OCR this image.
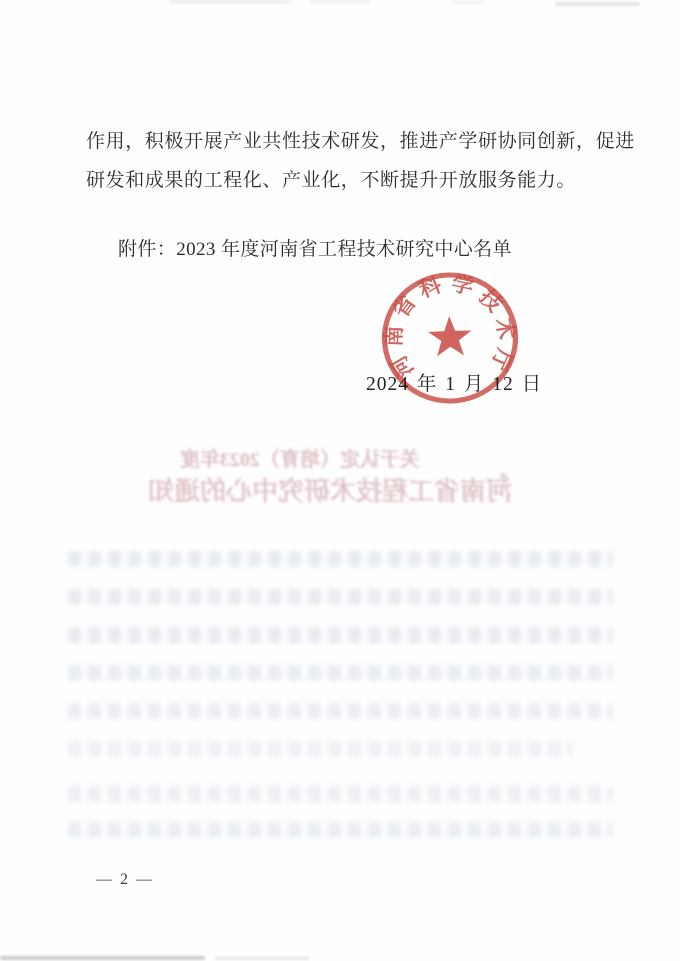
作用，积极开展产业共性技术研发，推进产学研协同创新，促进
研发和成果的工程化、产业化，不断提升开放服务能力。
附件：2023 年度河南省工程技术研究中心名单
关于认定（培育）2023年度
河南省工程技术研究中心的通知
2024 年 1 月 12 日
河南省科学技术厅
— 2 —
